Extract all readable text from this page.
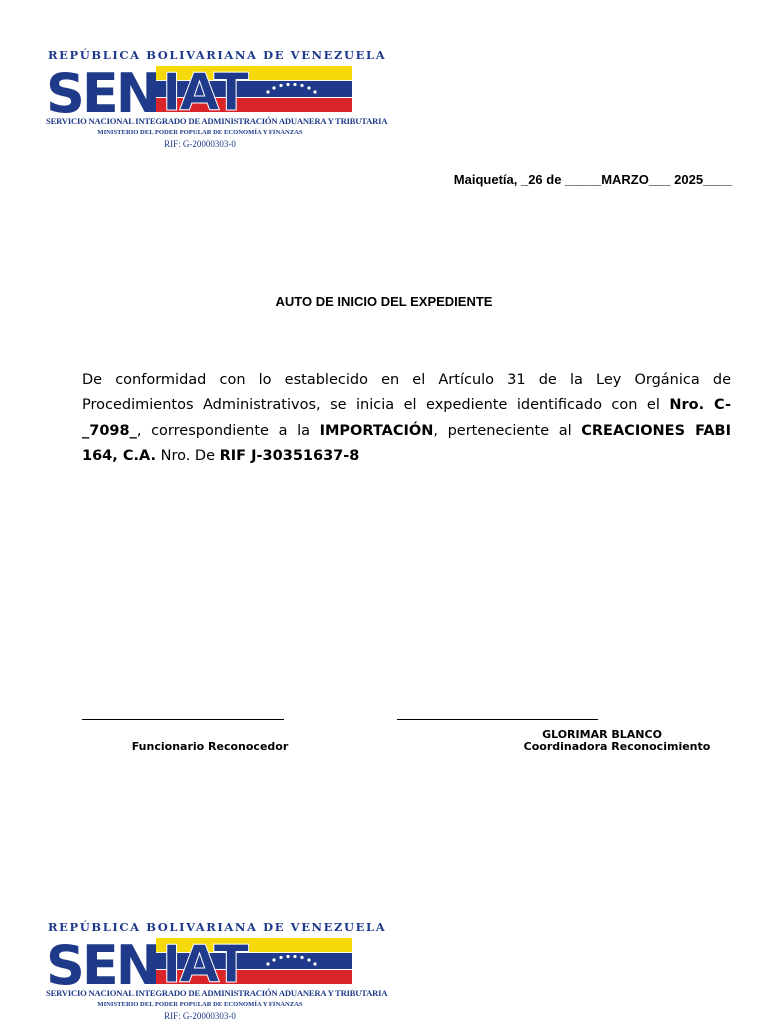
REPÚBLICA BOLIVARIANA DE VENEZUELA
SEN IAT
SERVICIO NACIONAL INTEGRADO DE ADMINISTRACIÓN ADUANERA Y TRIBUTARIA
MINISTERIO DEL PODER POPULAR DE ECONOMÍA Y FINANZAS
RIF: G-20000303-0
Maiquetía, _26 de _____MARZO___ 2025____
AUTO DE INICIO DEL EXPEDIENTE
De conformidad con lo establecido en el Artículo 31 de la Ley Orgánica de Procedimientos Administrativos, se inicia el expediente identificado con el Nro. C-_7098_, correspondiente a la IMPORTACIÓN, perteneciente al CREACIONES FABI 164, C.A. Nro. De RIF J-30351637-8
Funcionario Reconocedor
GLORIMAR BLANCO
Coordinadora Reconocimiento
REPÚBLICA BOLIVARIANA DE VENEZUELA
SEN IAT
SERVICIO NACIONAL INTEGRADO DE ADMINISTRACIÓN ADUANERA Y TRIBUTARIA
MINISTERIO DEL PODER POPULAR DE ECONOMÍA Y FINANZAS
RIF: G-20000303-0
